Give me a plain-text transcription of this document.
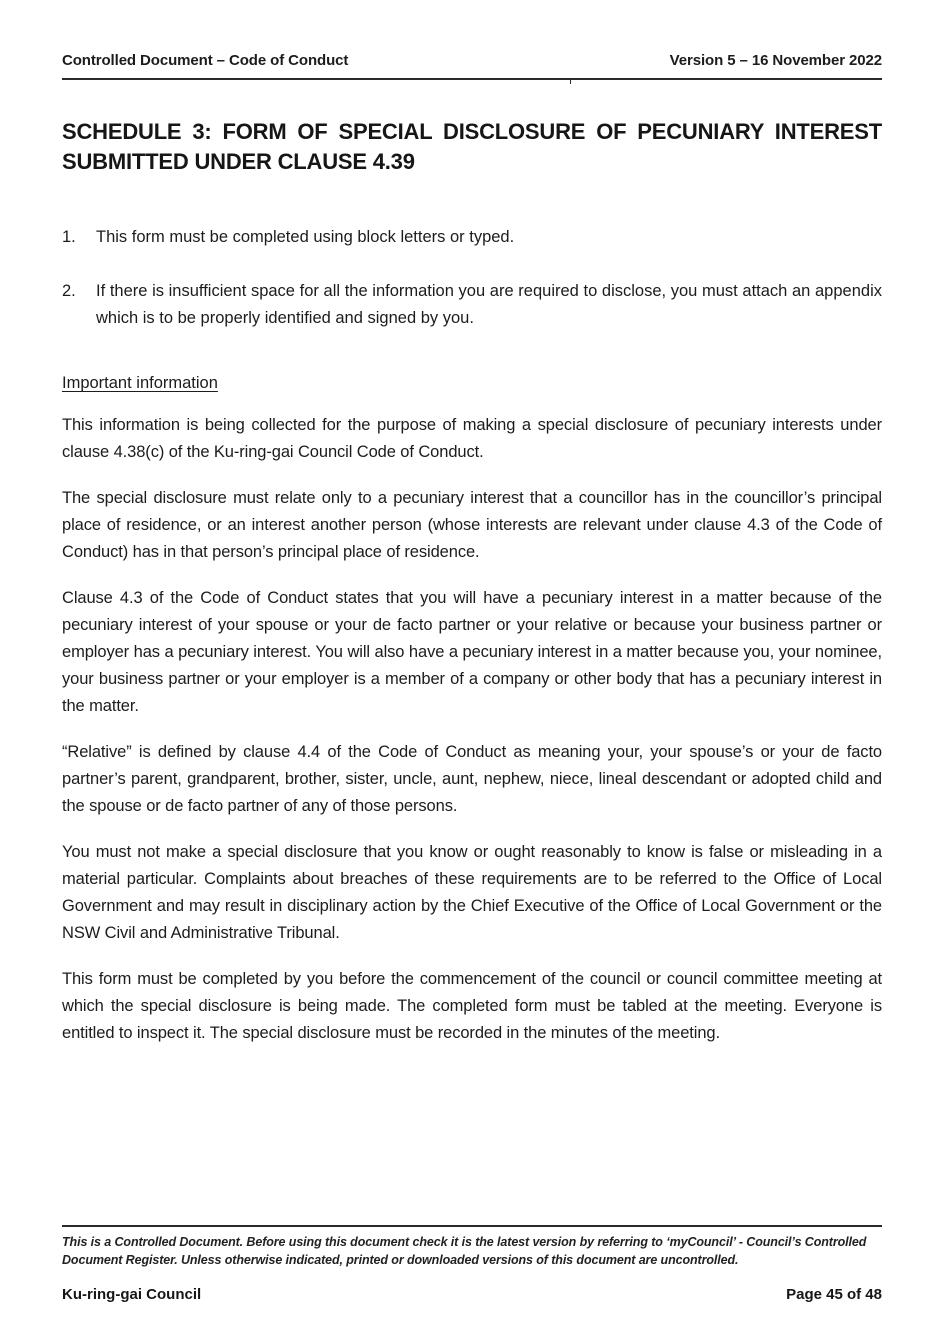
Controlled Document – Code of Conduct	Version 5 – 16 November 2022
SCHEDULE 3: FORM OF SPECIAL DISCLOSURE OF PECUNIARY INTEREST
SUBMITTED UNDER CLAUSE 4.39
1.	This form must be completed using block letters or typed.
2.	If there is insufficient space for all the information you are required to disclose, you must attach an appendix which is to be properly identified and signed by you.
Important information

This information is being collected for the purpose of making a special disclosure of pecuniary interests under clause 4.38(c) of the Ku-ring-gai Council Code of Conduct.

The special disclosure must relate only to a pecuniary interest that a councillor has in the councillor’s principal place of residence, or an interest another person (whose interests are relevant under clause 4.3 of the Code of Conduct) has in that person’s principal place of residence.

Clause 4.3 of the Code of Conduct states that you will have a pecuniary interest in a matter because of the pecuniary interest of your spouse or your de facto partner or your relative or because your business partner or employer has a pecuniary interest. You will also have a pecuniary interest in a matter because you, your nominee, your business partner or your employer is a member of a company or other body that has a pecuniary interest in the matter.

“Relative” is defined by clause 4.4 of the Code of Conduct as meaning your, your spouse’s or your de facto partner’s parent, grandparent, brother, sister, uncle, aunt, nephew, niece, lineal descendant or adopted child and the spouse or de facto partner of any of those persons.

You must not make a special disclosure that you know or ought reasonably to know is false or misleading in a material particular. Complaints about breaches of these requirements are to be referred to the Office of Local Government and may result in disciplinary action by the Chief Executive of the Office of Local Government or the NSW Civil and Administrative Tribunal.

This form must be completed by you before the commencement of the council or council committee meeting at which the special disclosure is being made. The completed form must be tabled at the meeting. Everyone is entitled to inspect it. The special disclosure must be recorded in the minutes of the meeting.

This is a Controlled Document. Before using this document check it is the latest version by referring to ‘myCouncil’ - Council’s Controlled Document Register. Unless otherwise indicated, printed or downloaded versions of this document are uncontrolled.
Ku-ring-gai Council	Page 45 of 48
